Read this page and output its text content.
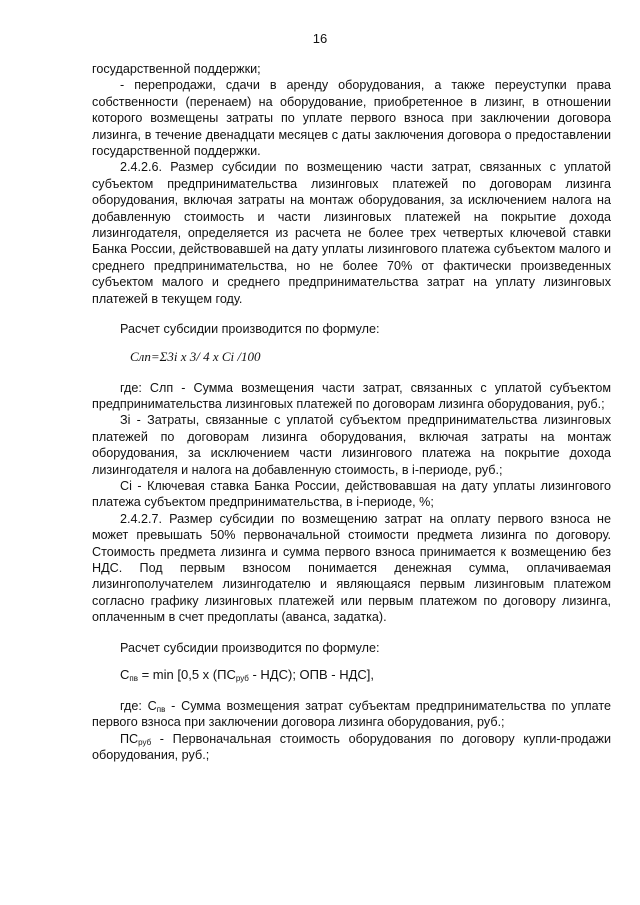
16

государственной поддержки;

- перепродажи, сдачи в аренду оборудования, а также переуступки права собственности (перенаем) на оборудование, приобретенное в лизинг, в отношении которого возмещены затраты по уплате первого взноса при заключении договора лизинга, в течение двенадцати месяцев с даты заключения договора о предоставлении государственной поддержки.

2.4.2.6. Размер субсидии по возмещению части затрат, связанных с уплатой субъектом предпринимательства лизинговых платежей по договорам лизинга оборудования, включая затраты на монтаж оборудования, за исключением налога на добавленную стоимость и части лизинговых платежей на покрытие дохода лизингодателя, определяется из расчета не более трех четвертых ключевой ставки Банка России, действовавшей на дату уплаты лизингового платежа субъектом малого и среднего предпринимательства, но не более 70% от фактически произведенных субъектом малого и среднего предпринимательства затрат на уплату лизинговых платежей в текущем году.

Расчет субсидии производится по формуле:

Cлп=Σ3i x 3/ 4 x Ci /100

где: Слп - Сумма возмещения части затрат, связанных с уплатой субъектом предпринимательства лизинговых платежей по договорам лизинга оборудования, руб.;

Зi - Затраты, связанные с уплатой субъектом предпринимательства лизинговых платежей по договорам лизинга оборудования, включая затраты на монтаж оборудования, за исключением части лизингового платежа на покрытие дохода лизингодателя и налога на добавленную стоимость, в i-периоде, руб.;

Ci - Ключевая ставка Банка России, действовавшая на дату уплаты лизингового платежа субъектом предпринимательства, в i-периоде, %;

2.4.2.7. Размер субсидии по возмещению затрат на оплату первого взноса не может превышать 50% первоначальной стоимости предмета лизинга по договору. Стоимость предмета лизинга и сумма первого взноса принимается к возмещению без НДС. Под первым взносом понимается денежная сумма, оплачиваемая лизингополучателем лизингодателю и являющаяся первым лизинговым платежом согласно графику лизинговых платежей или первым платежом по договору лизинга, оплаченным в счет предоплаты (аванса, задатка).

Расчет субсидии производится по формуле:

$С_{пв} = \min [0,5$ x $(ПС_{руб} - НДС)$; ОПВ - НДС],

где: $С_{пв}$ - Сумма возмещения затрат субъектам предпринимательства по уплате первого взноса при заключении договора лизинга оборудования, руб.;

$ПС_{руб}$ - Первоначальная стоимость оборудования по договору купли-продажи оборудования, руб.;
